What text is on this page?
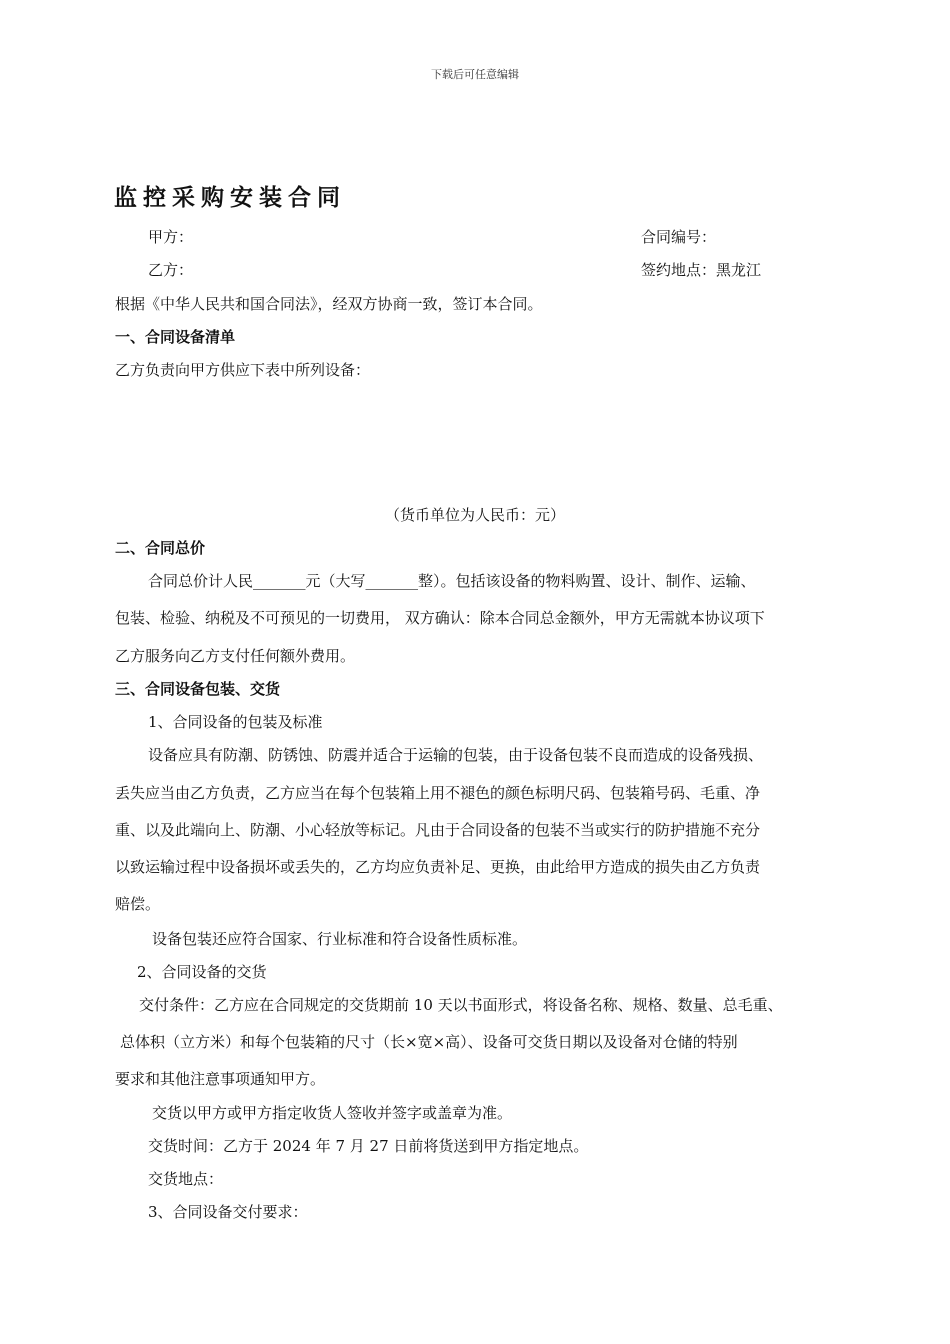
下载后可任意编辑
监控采购安装合同
甲方：	合同编号：
乙方：	签约地点：黑龙江
根据《中华人民共和国合同法》，经双方协商一致，签订本合同。
一、合同设备清单
乙方负责向甲方供应下表中所列设备：
（货币单位为人民币：元）
二、合同总价
合同总价计人民_______元（大写_______整）。包括该设备的物料购置、设计、制作、运输、
包装、检验、纳税及不可预见的一切费用， 双方确认：除本合同总金额外，甲方无需就本协议项下
乙方服务向乙方支付任何额外费用。
三、合同设备包装、交货
1、合同设备的包装及标准
设备应具有防潮、防锈蚀、防震并适合于运输的包装，由于设备包装不良而造成的设备残损、
丢失应当由乙方负责，乙方应当在每个包装箱上用不褪色的颜色标明尺码、包装箱号码、毛重、净
重、以及此端向上、防潮、小心轻放等标记。凡由于合同设备的包装不当或实行的防护措施不充分
以致运输过程中设备损坏或丢失的，乙方均应负责补足、更换，由此给甲方造成的损失由乙方负责
赔偿。
设备包装还应符合国家、行业标准和符合设备性质标准。
2、合同设备的交货
交付条件：乙方应在合同规定的交货期前 10 天以书面形式，将设备名称、规格、数量、总毛重、
总体积（立方米）和每个包装箱的尺寸（长×宽×高）、设备可交货日期以及设备对仓储的特别
要求和其他注意事项通知甲方。
交货以甲方或甲方指定收货人签收并签字或盖章为准。
交货时间：乙方于 2024 年 7 月 27 日前将货送到甲方指定地点。
交货地点：
3、合同设备交付要求：
